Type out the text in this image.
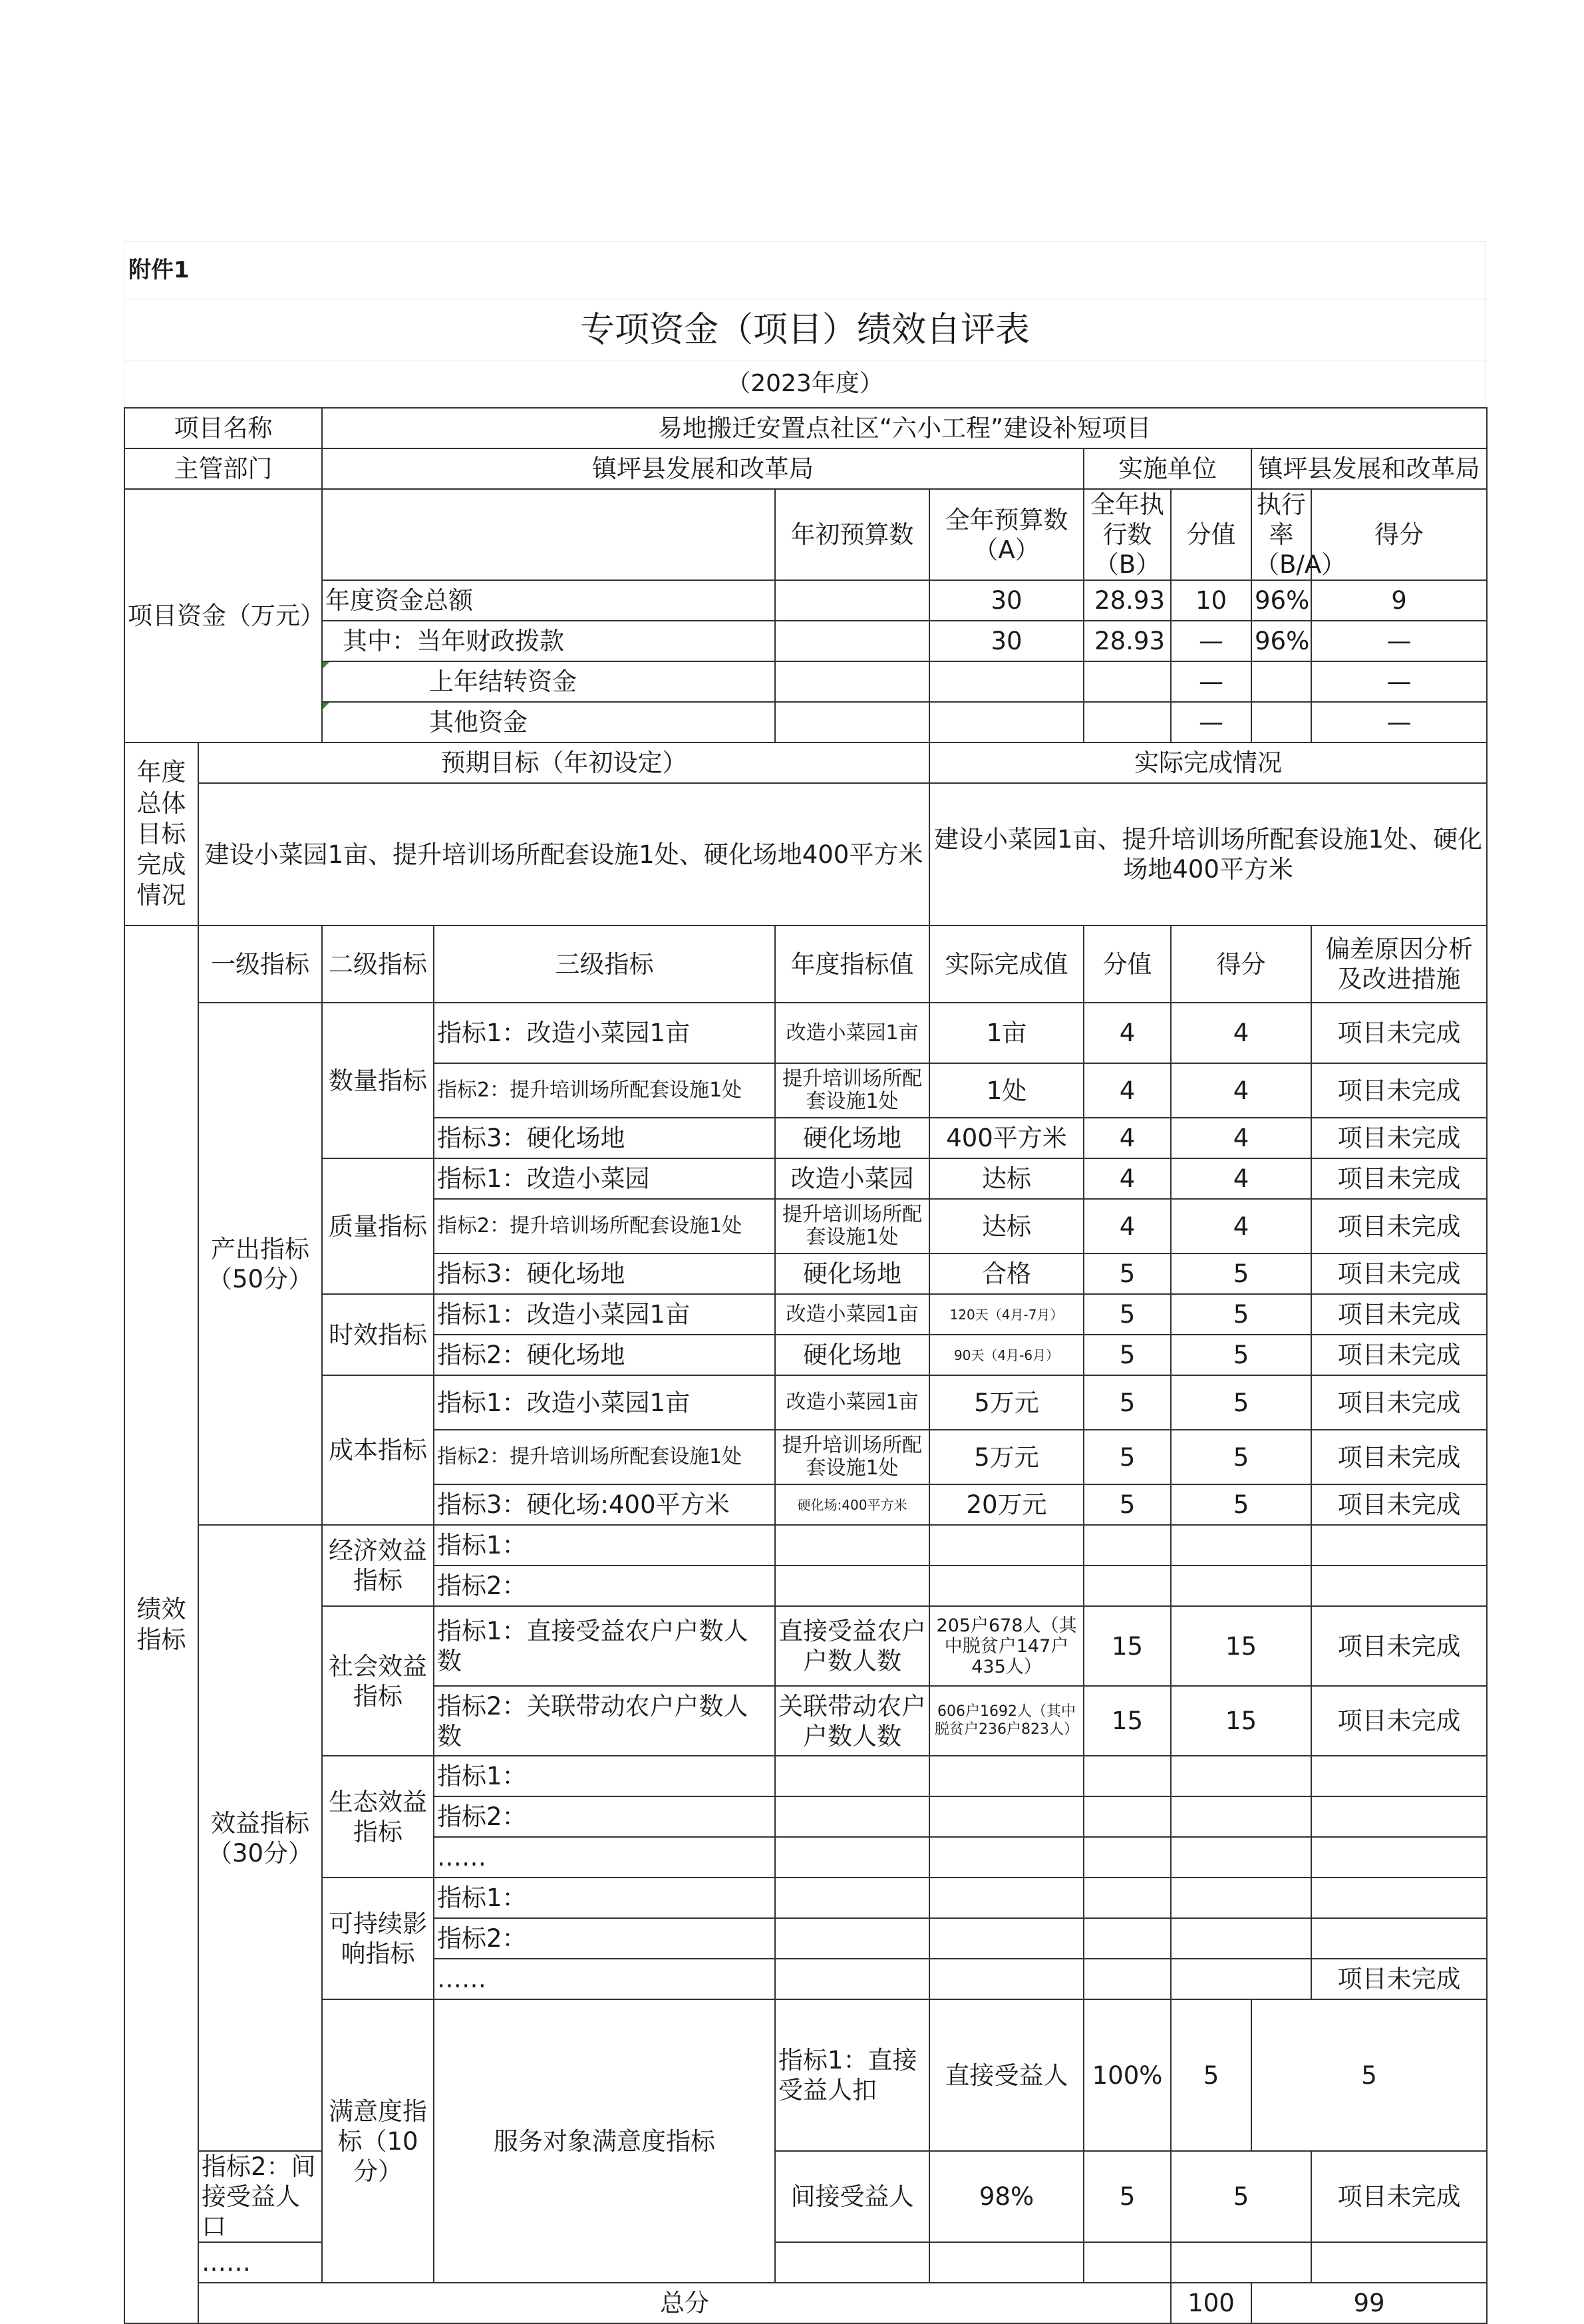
附件1
专项资金（项目）绩效自评表
（2023年度）
项目名称		易地搬迁安置点社区“六小工程”建设补短项目								
主管部门		镇坪县发展和改革局				实施单位		镇坪县发展和改革局		
项目资金（万元）				年初预算数	全年预算数（A）	全年执行数（B）	分值	执行率（B/A）	得分	
		年度资金总额			30	28.93	10	96%	9	
		其中：当年财政拨款			30	28.93	—	96%	—	
		上年结转资金					—		—	
		其他资金					—		—	
年度总体目标完成情况	预期目标（年初设定）				实际完成情况					
	建设小菜园1亩、提升培训场所配套设施1处、硬化场地400平方米				建设小菜园1亩、提升培训场所配套设施1处、硬化场地400平方米					
绩效指标	一级指标	二级指标	三级指标	年度指标值	实际完成值	分值	得分		偏差原因分析及改进措施	
	产出指标（50分）	数量指标	指标1：改造小菜园1亩	改造小菜园1亩	1亩	4	4		项目未完成	
			指标2：提升培训场所配套设施1处	提升培训场所配套设施1处	1处	4	4		项目未完成	
			指标3：硬化场地	硬化场地	400平方米	4	4		项目未完成	
		质量指标	指标1：改造小菜园	改造小菜园	达标	4	4		项目未完成	
			指标2：提升培训场所配套设施1处	提升培训场所配套设施1处	达标	4	4		项目未完成	
			指标3：硬化场地	硬化场地	合格	5	5		项目未完成	
		时效指标	指标1：改造小菜园1亩	改造小菜园1亩	120天（4月-7月）	5	5		项目未完成	
			指标2：硬化场地	硬化场地	90天（4月-6月）	5	5		项目未完成	
		成本指标	指标1：改造小菜园1亩	改造小菜园1亩	5万元	5	5		项目未完成	
			指标2：提升培训场所配套设施1处	提升培训场所配套设施1处	5万元	5	5		项目未完成	
			指标3：硬化场:400平方米	硬化场:400平方米	20万元	5	5		项目未完成	
	效益指标（30分）	经济效益指标	指标1：							
			指标2：							
		社会效益指标	指标1：直接受益农户户数人数	直接受益农户户数人数	205户678人（其中脱贫户147户435人）	15	15		项目未完成	
			指标2：关联带动农户户数人数	关联带动农户户数人数	606户1692人（其中脱贫户236户823人）	15	15		项目未完成	
		生态效益指标	指标1：							
			指标2：							
			……							
		可持续影响指标	指标1：							
			指标2：							
			……						项目未完成	
		满意度指标（10分）	服务对象满意度指标	指标1：直接受益人扣	直接受益人	100%	5	5	
	指标2：间接受益人口			间接受益人	98%	5	5		项目未完成	
	……									
	总分						100	99		
